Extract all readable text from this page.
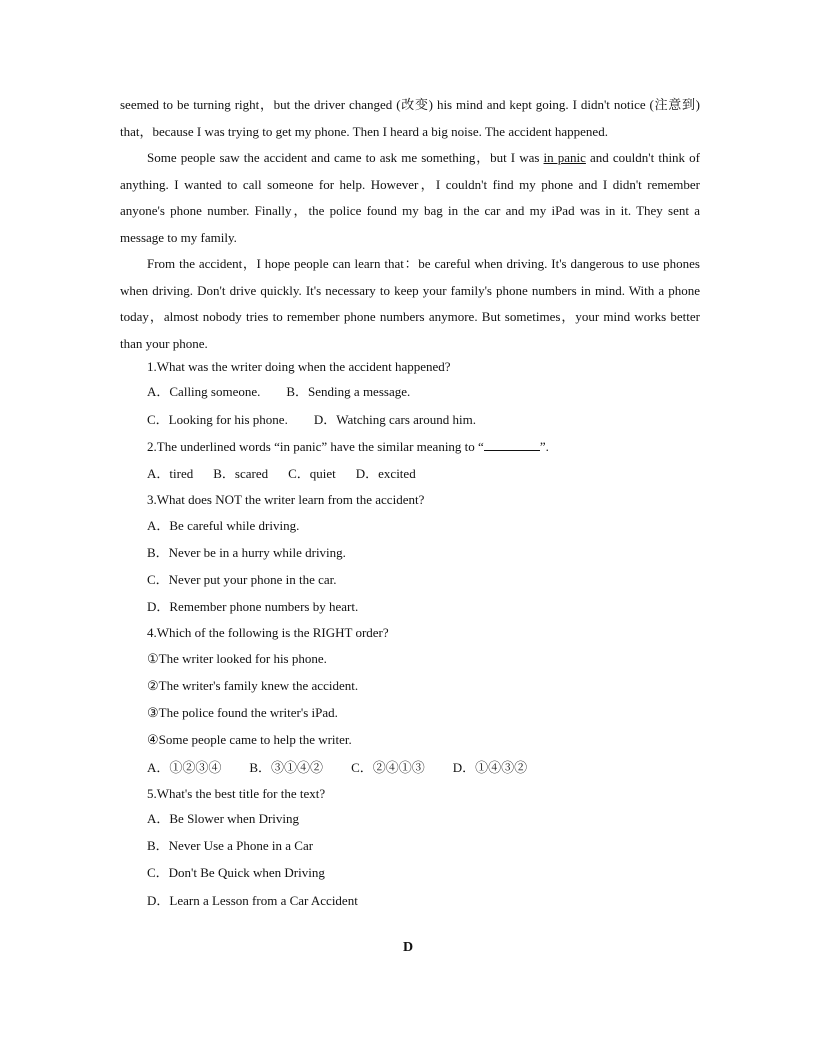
seemed to be turning right，but the driver changed (改变) his mind and kept going. I didn't notice (注意到) that，because I was trying to get my phone. Then I heard a big noise. The accident happened.

Some people saw the accident and came to ask me something，but I was in panic and couldn't think of anything. I wanted to call someone for help. However，I couldn't find my phone and I didn't remember anyone's phone number. Finally，the police found my bag in the car and my iPad was in it. They sent a message to my family.

From the accident，I hope people can learn that：be careful when driving. It's dangerous to use phones when driving. Don't drive quickly. It's necessary to keep your family's phone numbers in mind. With a phone today，almost nobody tries to remember phone numbers anymore. But sometimes，your mind works better than your phone.

1.What was the writer doing when the accident happened?
A．Calling someone. B．Sending a message.
C．Looking for his phone. D．Watching cars around him.
2.The underlined words “in panic” have the similar meaning to “	”.
A．tired B．scared C．quiet D．excited
3.What does NOT the writer learn from the accident?
A．Be careful while driving.
B．Never be in a hurry while driving.
C．Never put your phone in the car.
D．Remember phone numbers by heart.
4.Which of the following is the RIGHT order?
①The writer looked for his phone.
②The writer's family knew the accident.
③The police found the writer's iPad.
④Some people came to help the writer.
A．①②③④ B．③①④② C．②④①③ D．①④③②
5.What's the best title for the text?
A．Be Slower when Driving
B．Never Use a Phone in a Car
C．Don't Be Quick when Driving
D．Learn a Lesson from a Car Accident
D
